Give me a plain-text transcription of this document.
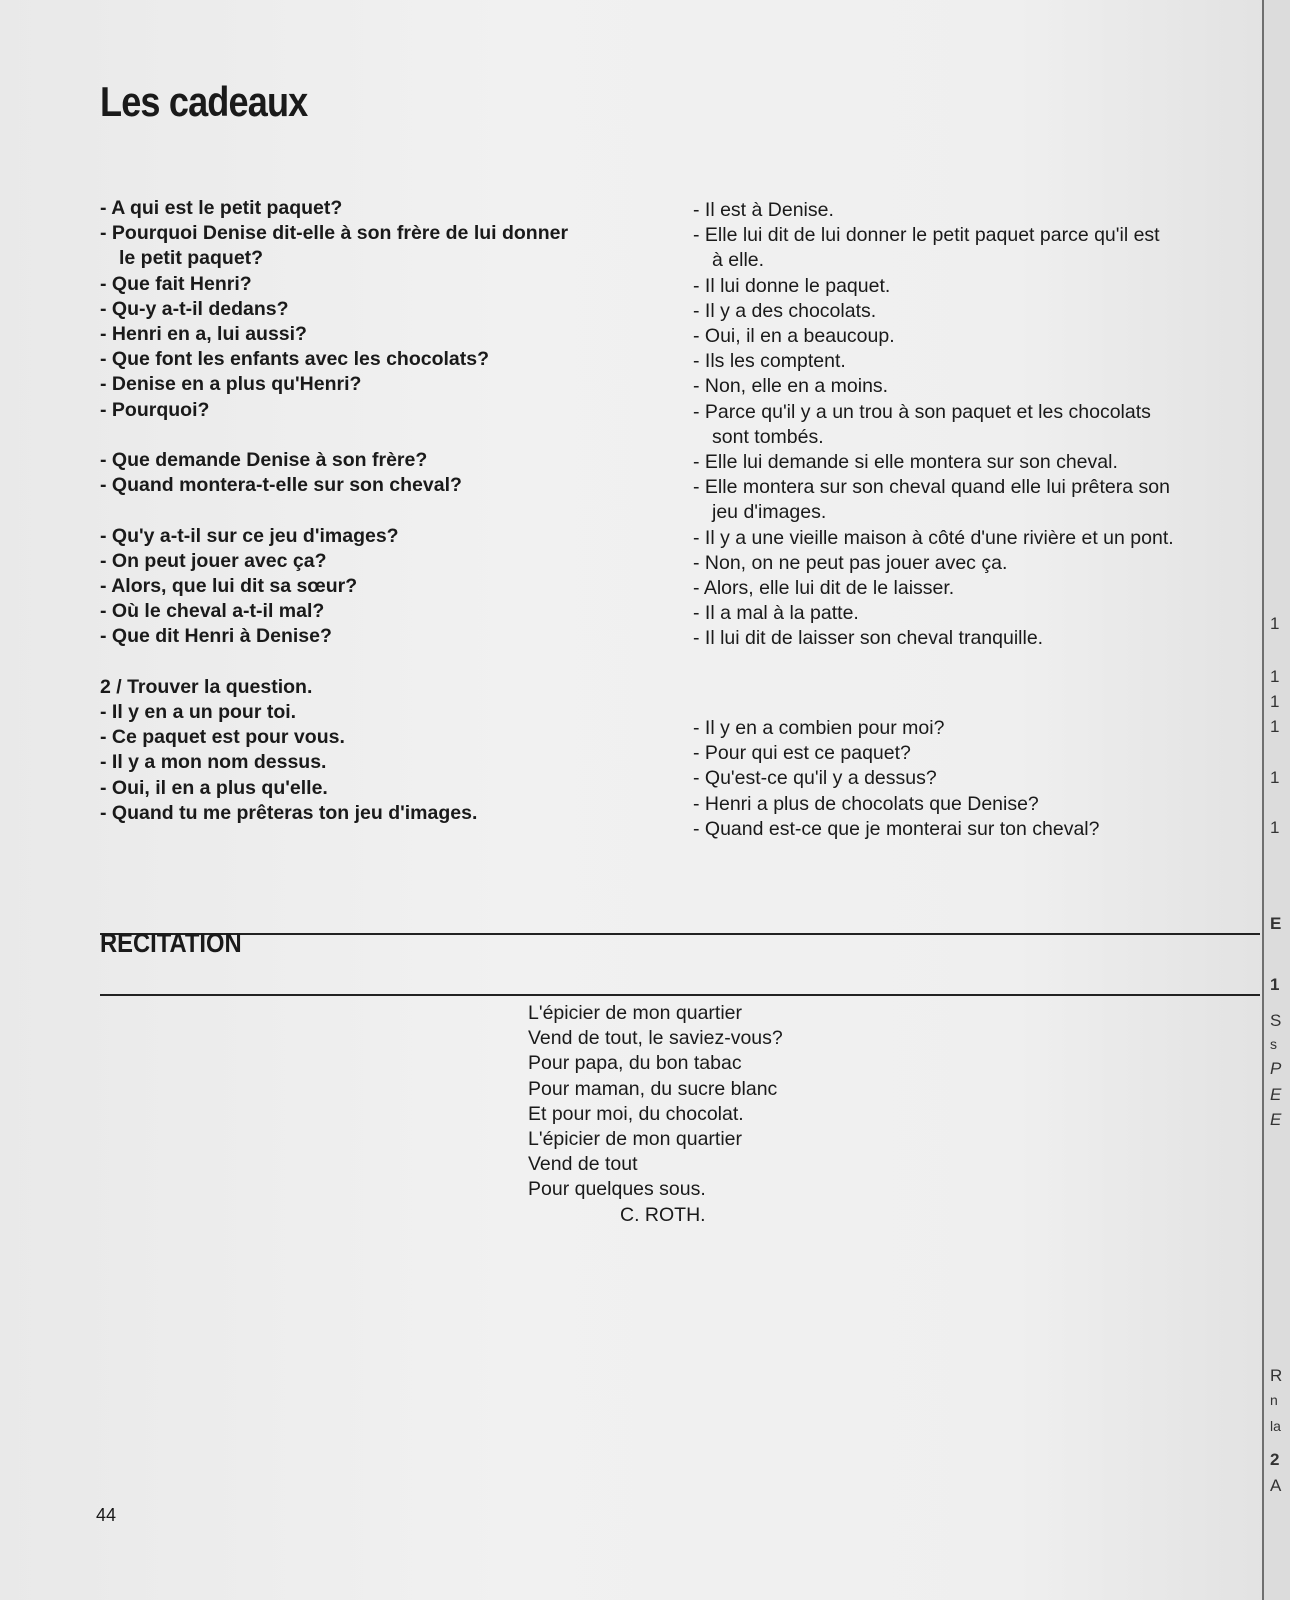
Les cadeaux
- A qui est le petit paquet?
- Pourquoi Denise dit-elle à son frère de lui donner
le petit paquet?
- Que fait Henri?
- Qu-y a-t-il dedans?
- Henri en a, lui aussi?
- Que font les enfants avec les chocolats?
- Denise en a plus qu'Henri?
- Pourquoi?
- Que demande Denise à son frère?
- Quand montera-t-elle sur son cheval?
- Qu'y a-t-il sur ce jeu d'images?
- On peut jouer avec ça?
- Alors, que lui dit sa sœur?
- Où le cheval a-t-il mal?
- Que dit Henri à Denise?
2 / Trouver la question.
- Il y en a un pour toi.
- Ce paquet est pour vous.
- Il y a mon nom dessus.
- Oui, il en a plus qu'elle.
- Quand tu me prêteras ton jeu d'images.
- Il est à Denise.
- Elle lui dit de lui donner le petit paquet parce qu'il est
à elle.
- Il lui donne le paquet.
- Il y a des chocolats.
- Oui, il en a beaucoup.
- Ils les comptent.
- Non, elle en a moins.
- Parce qu'il y a un trou à son paquet et les chocolats
sont tombés.
- Elle lui demande si elle montera sur son cheval.
- Elle montera sur son cheval quand elle lui prêtera son
jeu d'images.
- Il y a une vieille maison à côté d'une rivière et un pont.
- Non, on ne peut pas jouer avec ça.
- Alors, elle lui dit de le laisser.
- Il a mal à la patte.
- Il lui dit de laisser son cheval tranquille.
- Il y en a combien pour moi?
- Pour qui est ce paquet?
- Qu'est-ce qu'il y a dessus?
- Henri a plus de chocolats que Denise?
- Quand est-ce que je monterai sur ton cheval?
RECITATION
L'épicier de mon quartier
Vend de tout, le saviez-vous?
Pour papa, du bon tabac
Pour maman, du sucre blanc
Et pour moi, du chocolat.
L'épicier de mon quartier
Vend de tout
Pour quelques sous.
C. ROTH.
44
1
1
1
1
1
1
E
1
S
s
P
E
E
R
n
la
2
A
